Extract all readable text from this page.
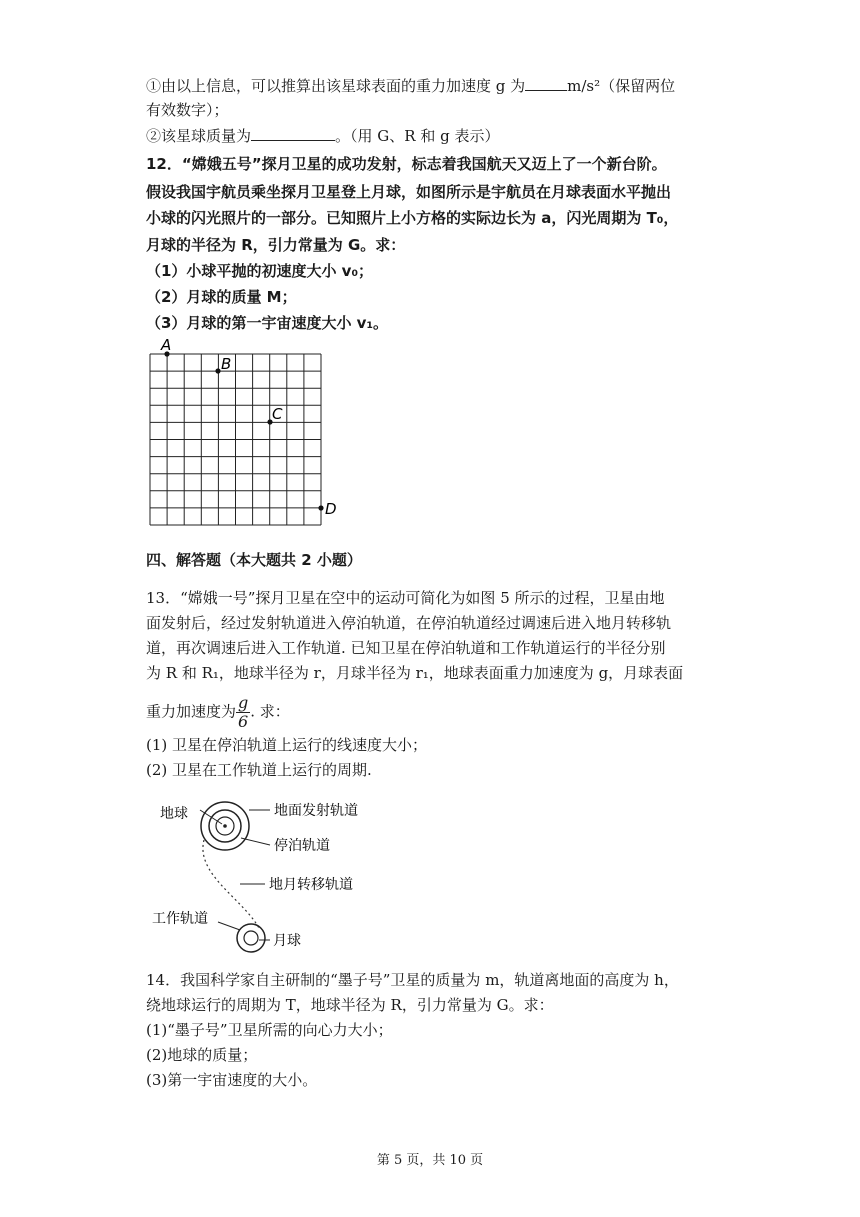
①由以上信息，可以推算出该星球表面的重力加速度 g 为	m/s²（保留两位
有效数字）；
②该星球质量为	。（用 G、R 和 g 表示）
12．“嫦娥五号”探月卫星的成功发射，标志着我国航天又迈上了一个新台阶。
假设我国宇航员乘坐探月卫星登上月球，如图所示是宇航员在月球表面水平抛出
小球的闪光照片的一部分。已知照片上小方格的实际边长为 a，闪光周期为 T₀，
月球的半径为 R，引力常量为 G。求：
（1）小球平抛的初速度大小 v₀；
（2）月球的质量 M；
（3）月球的第一宇宙速度大小 v₁。
A
B
C
D
四、解答题（本大题共 2 小题）
13．“嫦娥一号”探月卫星在空中的运动可简化为如图 5 所示的过程，卫星由地
面发射后，经过发射轨道进入停泊轨道，在停泊轨道经过调速后进入地月转移轨
道，再次调速后进入工作轨道. 已知卫星在停泊轨道和工作轨道运行的半径分别
为 R 和 R₁，地球半径为 r，月球半径为 r₁，地球表面重力加速度为 g，月球表面
重力加速度为 $\frac{g}{6}$ . 求：
(1) 卫星在停泊轨道上运行的线速度大小；
(2) 卫星在工作轨道上运行的周期.
地球	地面发射轨道
停泊轨道
地月转移轨道
工作轨道
月球
14．我国科学家自主研制的“墨子号”卫星的质量为 m，轨道离地面的高度为 h，
绕地球运行的周期为 T，地球半径为 R，引力常量为 G。求：
(1)“墨子号”卫星所需的向心力大小；
(2)地球的质量；
(3)第一宇宙速度的大小。
第 5 页，共 10 页
